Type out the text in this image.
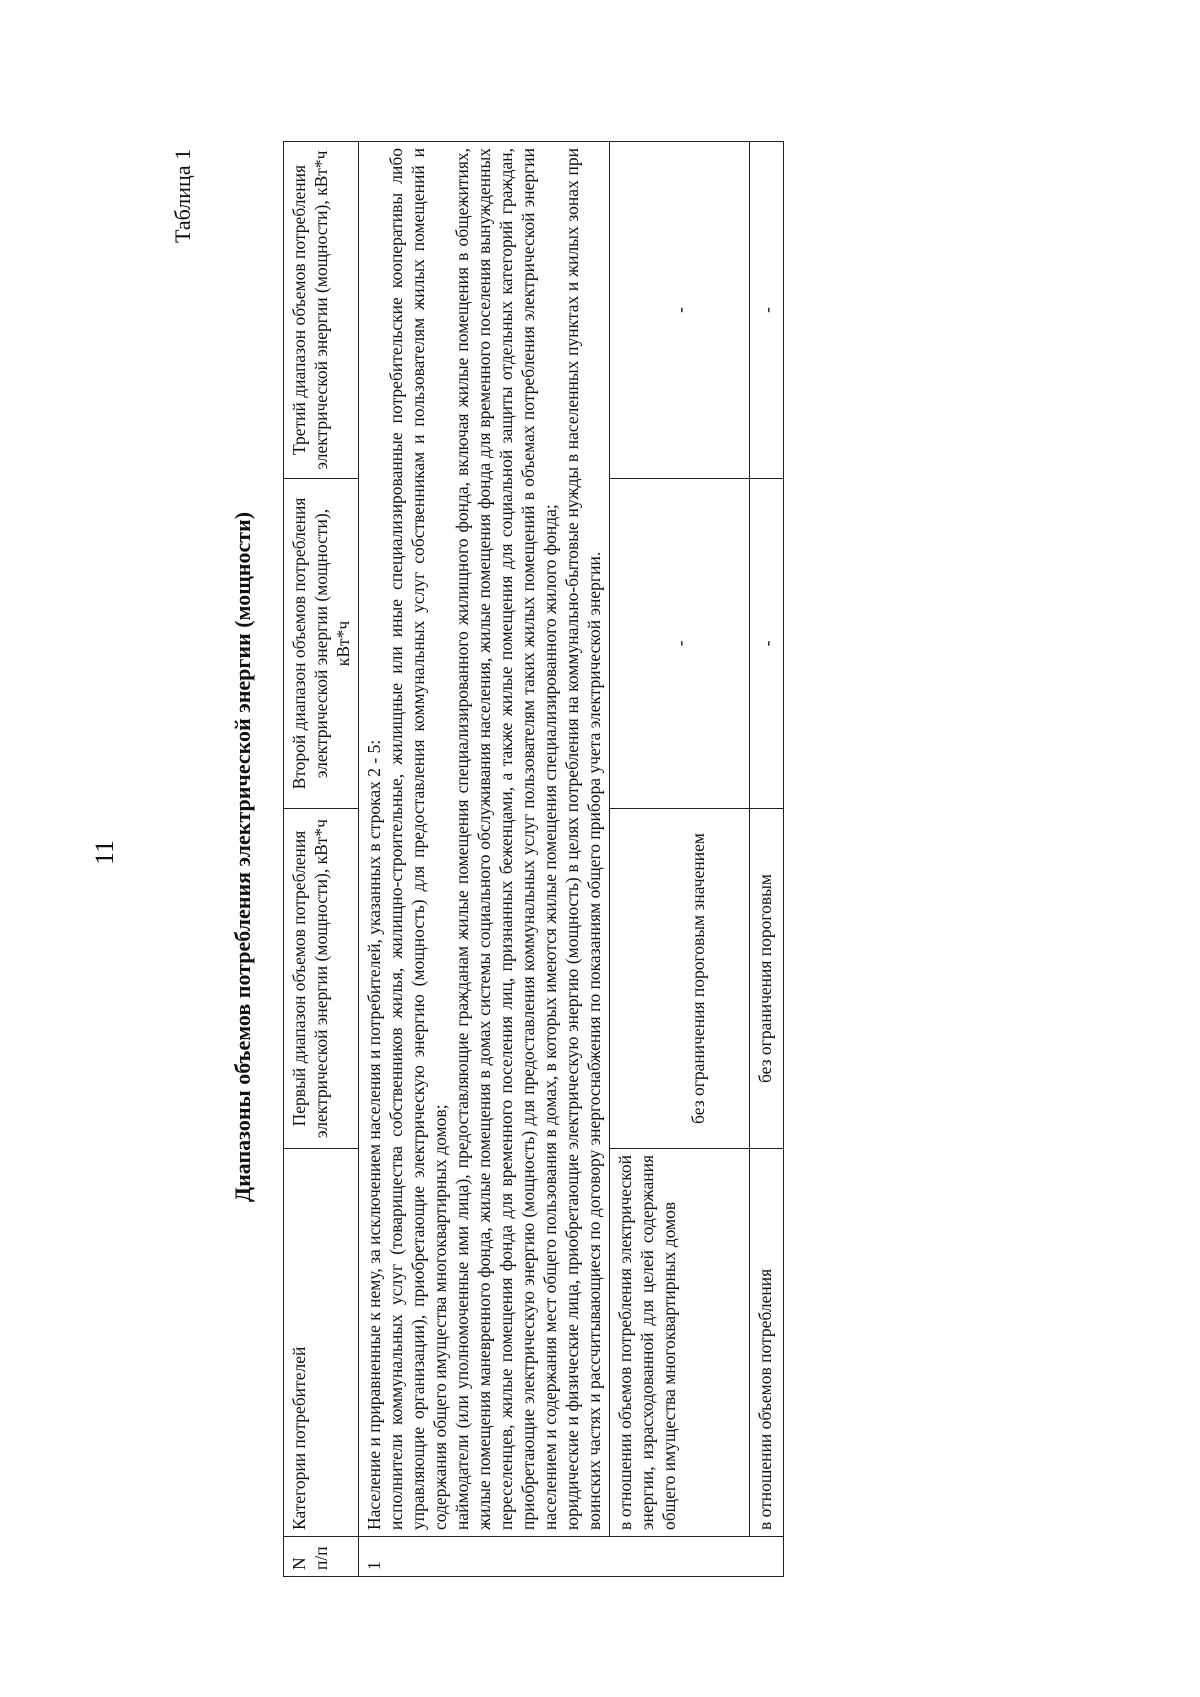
11
Таблица 1
Диапазоны объемов потребления электрической энергии (мощности)
N п/п	Категории потребителей	Первый диапазон объемов потребления электрической энергии (мощности), кВт*ч	Второй диапазон объемов потребления электрической энергии (мощности), кВт*ч	Третий диапазон объемов потребления электрической энергии (мощности), кВт*ч
1	Население и приравненные к нему, за исключением населения и потребителей, указанных в строках 2 - 5: исполнители коммунальных услуг (товарищества собственников жилья, жилищно-строительные, жилищные или иные специализированные потребительские кооперативы либо управляющие организации), приобретающие электрическую энергию (мощность) для предоставления коммунальных услуг собственникам и пользователям жилых помещений и содержания общего имущества многоквартирных домов; наймодатели (или уполномоченные ими лица), предоставляющие гражданам жилые помещения специализированного жилищного фонда, включая жилые помещения в общежитиях, жилые помещения маневренного фонда, жилые помещения в домах системы социального обслуживания населения, жилые помещения фонда для временного поселения вынужденных переселенцев, жилые помещения фонда для временного поселения лиц, признанных беженцами, а также жилые помещения для социальной защиты отдельных категорий граждан, приобретающие электрическую энергию (мощность) для предоставления коммунальных услуг пользователям таких жилых помещений в объемах потребления электрической энергии населением и содержания мест общего пользования в домах, в которых имеются жилые помещения специализированного жилого фонда; юридические и физические лица, приобретающие электрическую энергию (мощность) в целях потребления на коммунально-бытовые нужды в населенных пунктах и жилых зонах при воинских частях и рассчитывающиеся по договору энергоснабжения по показаниям общего прибора учета электрической энергии.			

	в отношении объемов потребления электрической энергии, израсходованной для целей содержания общего имущества многоквартирных домов	без ограничения пороговым значением	-	-
	в отношении объемов потребления	без ограничения пороговым	-	-
